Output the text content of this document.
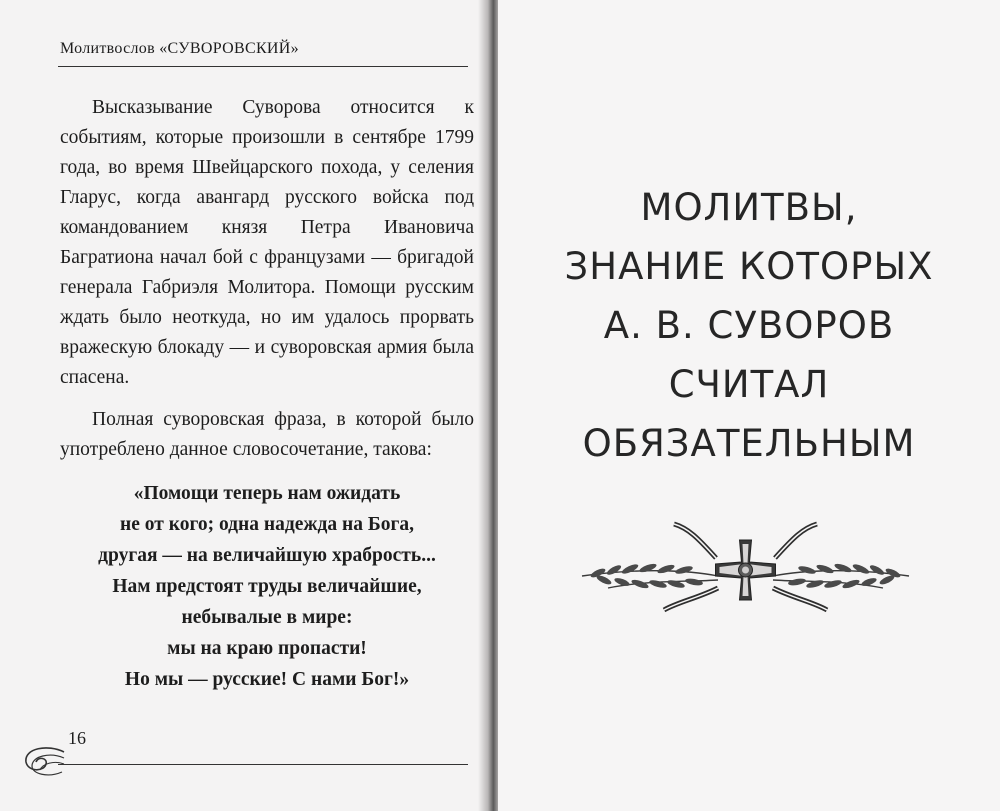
Молитвослов «СУВОРОВСКИЙ»

Высказывание Суворова относится к событиям, которые произошли в сентябре 1799 года, во время Швейцарского похода, у селения Гларус, когда авангард русского войска под командованием князя Петра Ивановича Багратиона начал бой с французами — бригадой генерала Габриэля Молитора. Помощи русским ждать было неоткуда, но им удалось прорвать вражескую блокаду — и суворовская армия была спасена.

Полная суворовская фраза, в которой было употреблено данное словосочетание, такова:

«Помощи теперь нам ожидать
не от кого; одна надежда на Бога,
другая — на величайшую храбрость...
Нам предстоят труды величайшие,
небывалые в мире:
мы на краю пропасти!
Но мы — русские! С нами Бог!»
16
МОЛИТВЫ,
ЗНАНИЕ КОТОРЫХ
А. В. СУВОРОВ
СЧИТАЛ
ОБЯЗАТЕЛЬНЫМ
